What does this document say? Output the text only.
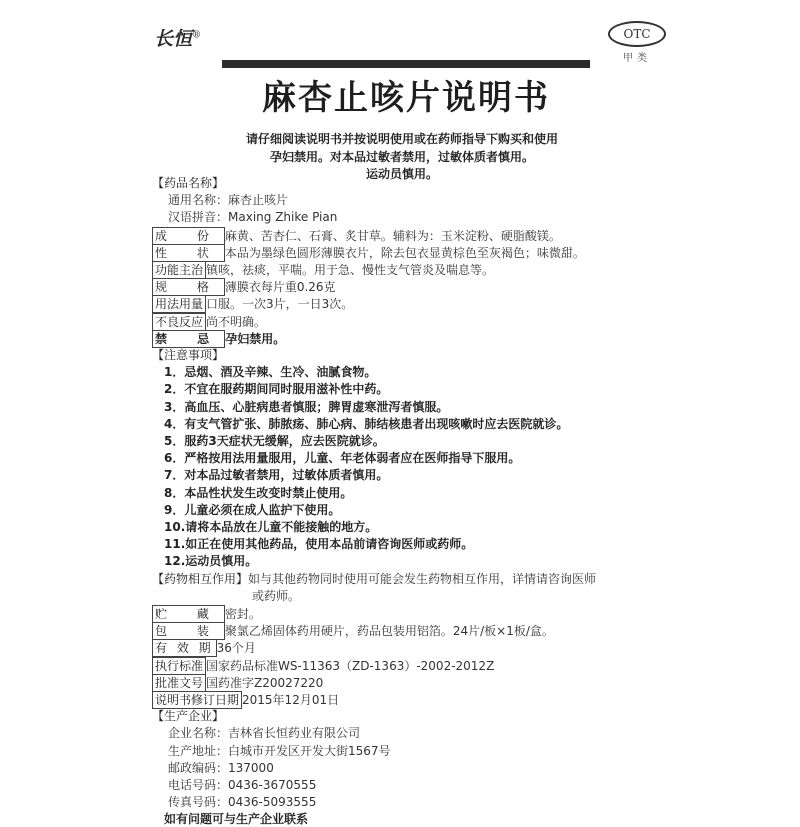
长恒®	OTC
甲类
麻杏止咳片说明书
请仔细阅读说明书并按说明使用或在药师指导下购买和使用
孕妇禁用。对本品过敏者禁用，过敏体质者慎用。
运动员慎用。
【药品名称】
通用名称：麻杏止咳片
汉语拼音：Maxing Zhike Pian
成 份 麻黄、苦杏仁、石膏、炙甘草。辅料为：玉米淀粉、硬脂酸镁。
性 状 本品为墨绿色圆形薄膜衣片，除去包衣显黄棕色至灰褐色；味微甜。
功能主治 镇咳，祛痰，平喘。用于急、慢性支气管炎及喘息等。
规 格 薄膜衣每片重0.26克
用法用量 口服。一次3片，一日3次。
不良反应 尚不明确。
禁 忌 孕妇禁用。
【注意事项】
1．忌烟、酒及辛辣、生冷、油腻食物。
2．不宜在服药期间同时服用滋补性中药。
3．高血压、心脏病患者慎服；脾胃虚寒泄泻者慎服。
4．有支气管扩张、肺脓疡、肺心病、肺结核患者出现咳嗽时应去医院就诊。
5．服药3天症状无缓解，应去医院就诊。
6．严格按用法用量服用，儿童、年老体弱者应在医师指导下服用。
7．对本品过敏者禁用，过敏体质者慎用。
8．本品性状发生改变时禁止使用。
9．儿童必须在成人监护下使用。
10.请将本品放在儿童不能接触的地方。
11.如正在使用其他药品，使用本品前请咨询医师或药师。
12.运动员慎用。
【药物相互作用】如与其他药物同时使用可能会发生药物相互作用，详情请咨询医师
或药师。
贮 藏 密封。
包 装 聚氯乙烯固体药用硬片，药品包装用铝箔。24片/板×1板/盒。
有 效 期 36个月
执行标准 国家药品标准WS-11363（ZD-1363）-2002-2012Z
批准文号 国药准字Z20027220
说明书修订日期 2015年12月01日
【生产企业】
企业名称：吉林省长恒药业有限公司
生产地址：白城市开发区开发大街1567号
邮政编码：137000
电话号码：0436-3670555
传真号码：0436-5093555
如有问题可与生产企业联系
